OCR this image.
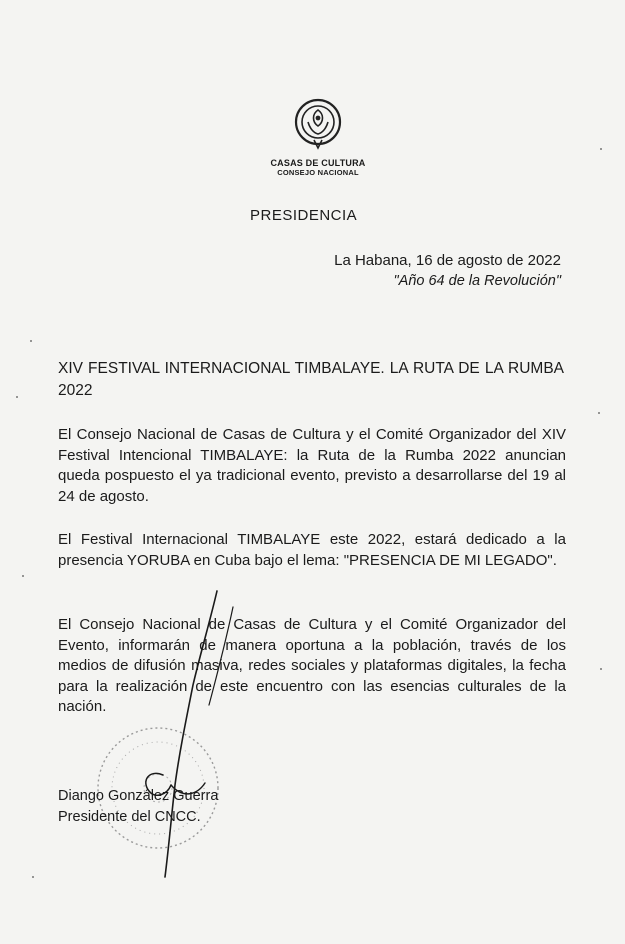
CASAS DE CULTURA
CONSEJO NACIONAL
PRESIDENCIA
La Habana, 16 de agosto de 2022
"Año 64 de la Revolución"
XIV FESTIVAL INTERNACIONAL TIMBALAYE. LA RUTA DE LA RUMBA 2022
El Consejo Nacional de Casas de Cultura y el Comité Organizador del XIV Festival Intencional TIMBALAYE: la Ruta de la Rumba 2022 anuncian queda pospuesto el ya tradicional evento, previsto a desarrollarse del 19 al 24 de agosto.
El Festival Internacional TIMBALAYE este 2022, estará dedicado a la presencia YORUBA en Cuba bajo el lema: "PRESENCIA DE MI LEGADO".
El Consejo Nacional de Casas de Cultura y el Comité Organizador del Evento, informarán de manera oportuna a la población, través de los medios de difusión masiva, redes sociales y plataformas digitales, la fecha para la realización de este encuentro con las esencias culturales de la nación.
Diango González Guerra
Presidente del CNCC.
